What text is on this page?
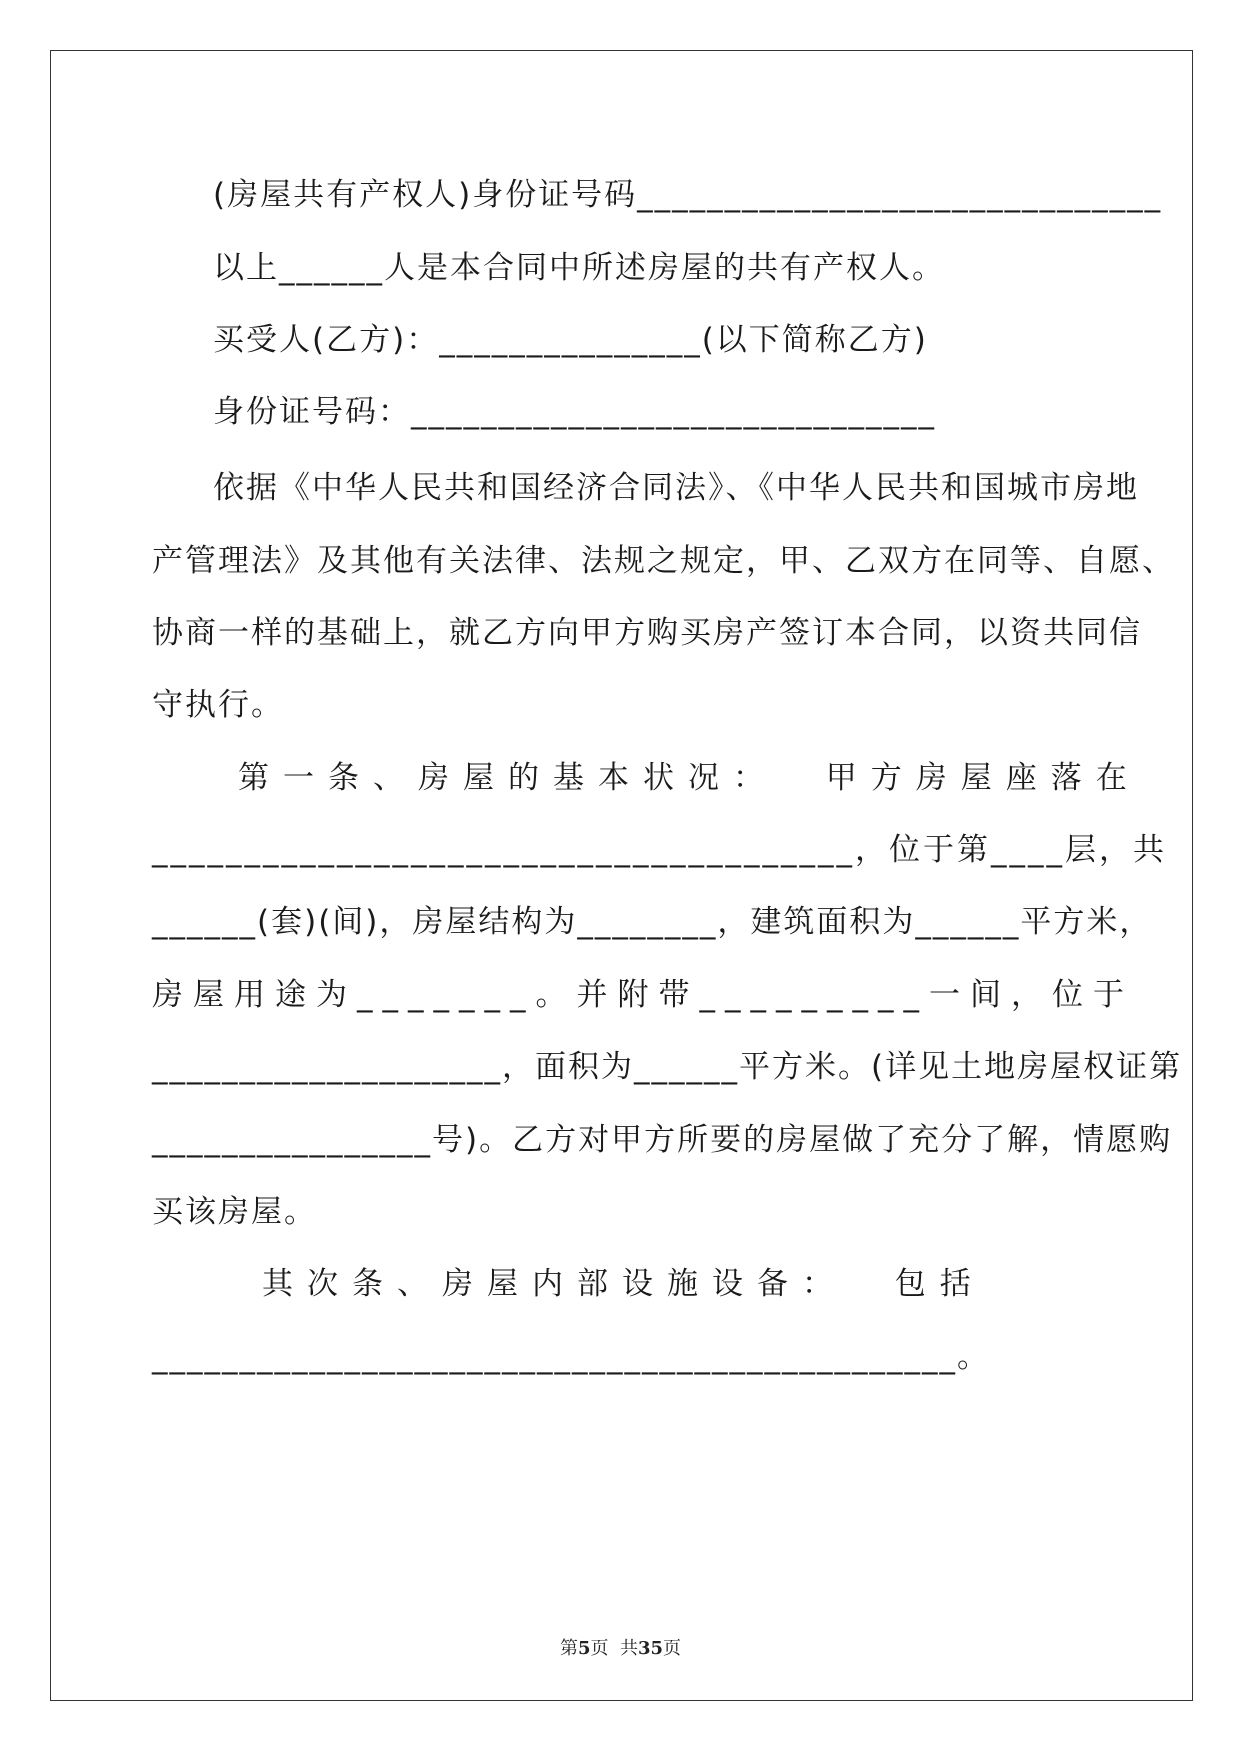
(房屋共有产权人)身份证号码______________________________
以上______人是本合同中所述房屋的共有产权人。
买受人(乙方)：_______________(以下简称乙方)
身份证号码：______________________________
依据《中华人民共和国经济合同法》、《中华人民共和国城市房地
产管理法》及其他有关法律、法规之规定，甲、乙双方在同等、自愿、
协商一样的基础上，就乙方向甲方购买房产签订本合同，以资共同信
守执行。
第一条、房屋的基本状况：  甲方房屋座落在
______________________________________，位于第____层，共
______(套)(间)，房屋结构为________，建筑面积为______平方米，
房屋用途为_______。并附带_________一间，位于
____________________，面积为______平方米。(详见土地房屋权证第
________________号)。乙方对甲方所要的房屋做了充分了解，情愿购
买该房屋。
其次条、房屋内部设施设备：  包括
______________________________________________。
第5页  共35页
